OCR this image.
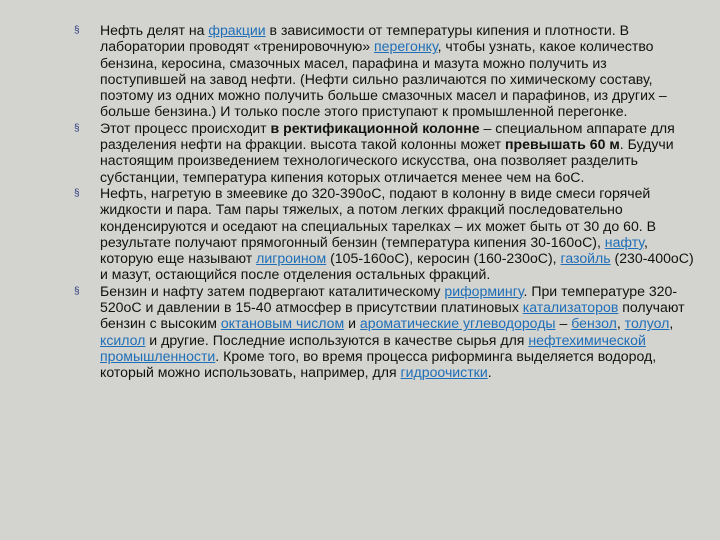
§ Нефть делят на фракции в зависимости от температуры кипения и плотности. В лаборатории проводят «тренировочную» перегонку, чтобы узнать, какое количество бензина, керосина, смазочных масел, парафина и мазута можно получить из поступившей на завод нефти. (Нефти сильно различаются по химическому составу, поэтому из одних можно получить больше смазочных масел и парафинов, из других – больше бензина.) И только после этого приступают к промышленной перегонке.
§ Этот процесс происходит в ректификационной колонне – специальном аппарате для разделения нефти на фракции. высота такой колонны может превышать 60 м. Будучи настоящим произведением технологического искусства, она позволяет разделить субстанции, температура кипения которых отличается менее чем на 6оС.
§ Нефть, нагретую в змеевике до 320-390оС, подают в колонну в виде смеси горячей жидкости и пара. Там пары тяжелых, а потом легких фракций последовательно конденсируются и оседают на специальных тарелках – их может быть от 30 до 60. В результате получают прямогонный бензин (температура кипения 30-160оС), нафту, которую еще называют лигроином (105-160оС), керосин (160-230оС), газойль (230-400оС) и мазут, остающийся после отделения остальных фракций.
§ Бензин и нафту затем подвергают каталитическому риформингу. При температуре 320-520оС и давлении в 15-40 атмосфер в присутствии платиновых катализаторов получают бензин с высоким октановым числом и ароматические углеводороды – бензол, толуол, ксилол и другие. Последние используются в качестве сырья для нефтехимической промышленности. Кроме того, во время процесса риформинга выделяется водород, который можно использовать, например, для гидроочистки.
